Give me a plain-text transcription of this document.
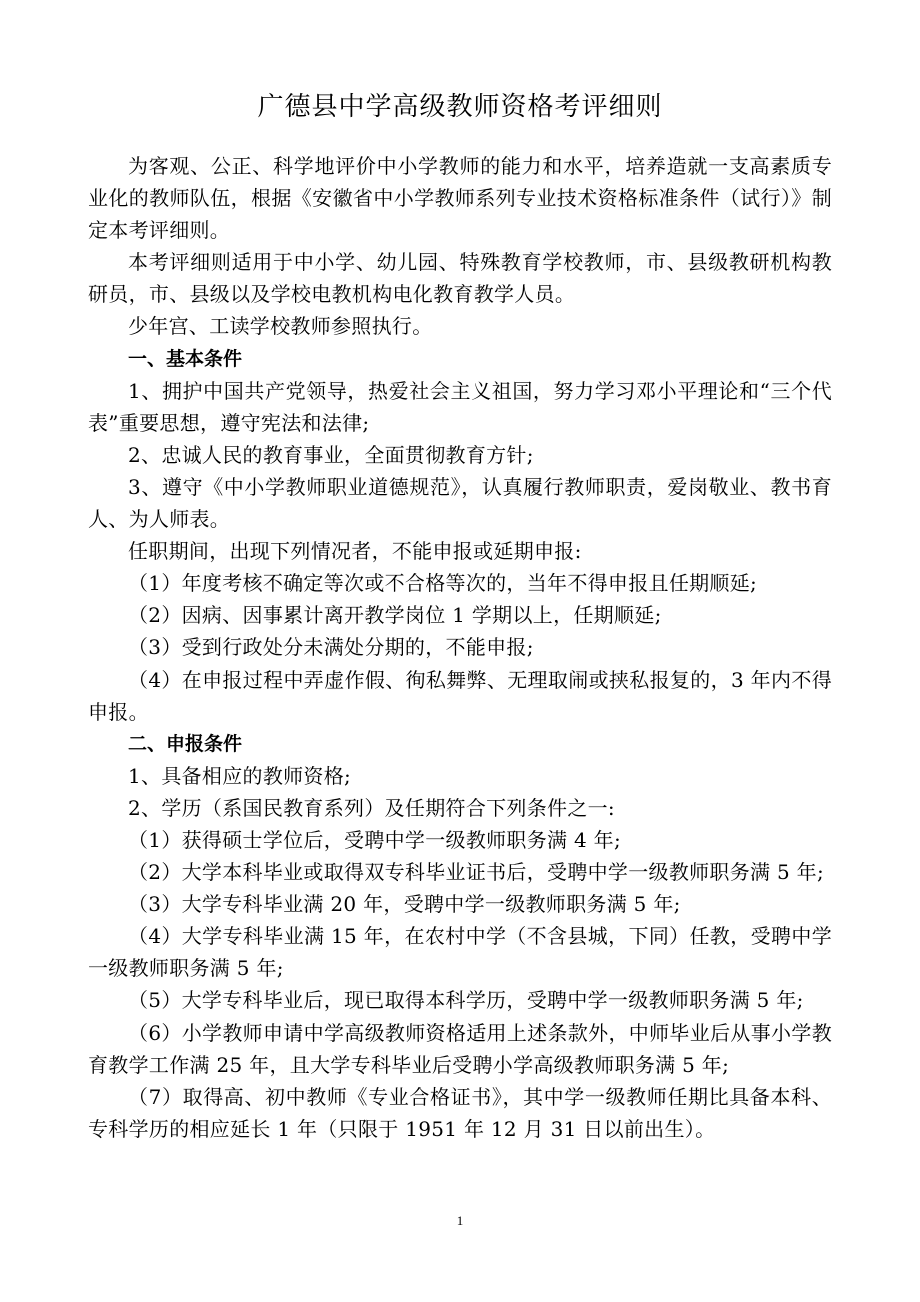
广德县中学高级教师资格考评细则

为客观、公正、科学地评价中小学教师的能力和水平，培养造就一支高素质专业化的教师队伍，根据《安徽省中小学教师系列专业技术资格标准条件（试行）》制定本考评细则。

本考评细则适用于中小学、幼儿园、特殊教育学校教师，市、县级教研机构教研员，市、县级以及学校电教机构电化教育教学人员。

少年宫、工读学校教师参照执行。

一、基本条件

1、拥护中国共产党领导，热爱社会主义祖国，努力学习邓小平理论和“三个代表”重要思想，遵守宪法和法律;

2、忠诚人民的教育事业，全面贯彻教育方针;

3、遵守《中小学教师职业道德规范》，认真履行教师职责，爱岗敬业、教书育人、为人师表。

任职期间，出现下列情况者，不能申报或延期申报:

（1）年度考核不确定等次或不合格等次的，当年不得申报且任期顺延;

（2）因病、因事累计离开教学岗位 1 学期以上，任期顺延;

（3）受到行政处分未满处分期的，不能申报;

（4）在申报过程中弄虚作假、徇私舞弊、无理取闹或挟私报复的，3 年内不得申报。

二、申报条件

1、具备相应的教师资格;

2、学历（系国民教育系列）及任期符合下列条件之一:

（1）获得硕士学位后，受聘中学一级教师职务满 4 年;

（2）大学本科毕业或取得双专科毕业证书后，受聘中学一级教师职务满 5 年;

（3）大学专科毕业满 20 年，受聘中学一级教师职务满 5 年;

（4）大学专科毕业满 15 年，在农村中学（不含县城，下同）任教，受聘中学一级教师职务满 5 年;

（5）大学专科毕业后，现已取得本科学历，受聘中学一级教师职务满 5 年;

（6）小学教师申请中学高级教师资格适用上述条款外，中师毕业后从事小学教育教学工作满 25 年，且大学专科毕业后受聘小学高级教师职务满 5 年;

（7）取得高、初中教师《专业合格证书》，其中学一级教师任期比具备本科、专科学历的相应延长 1 年（只限于 1951 年 12 月 31 日以前出生）。

1
